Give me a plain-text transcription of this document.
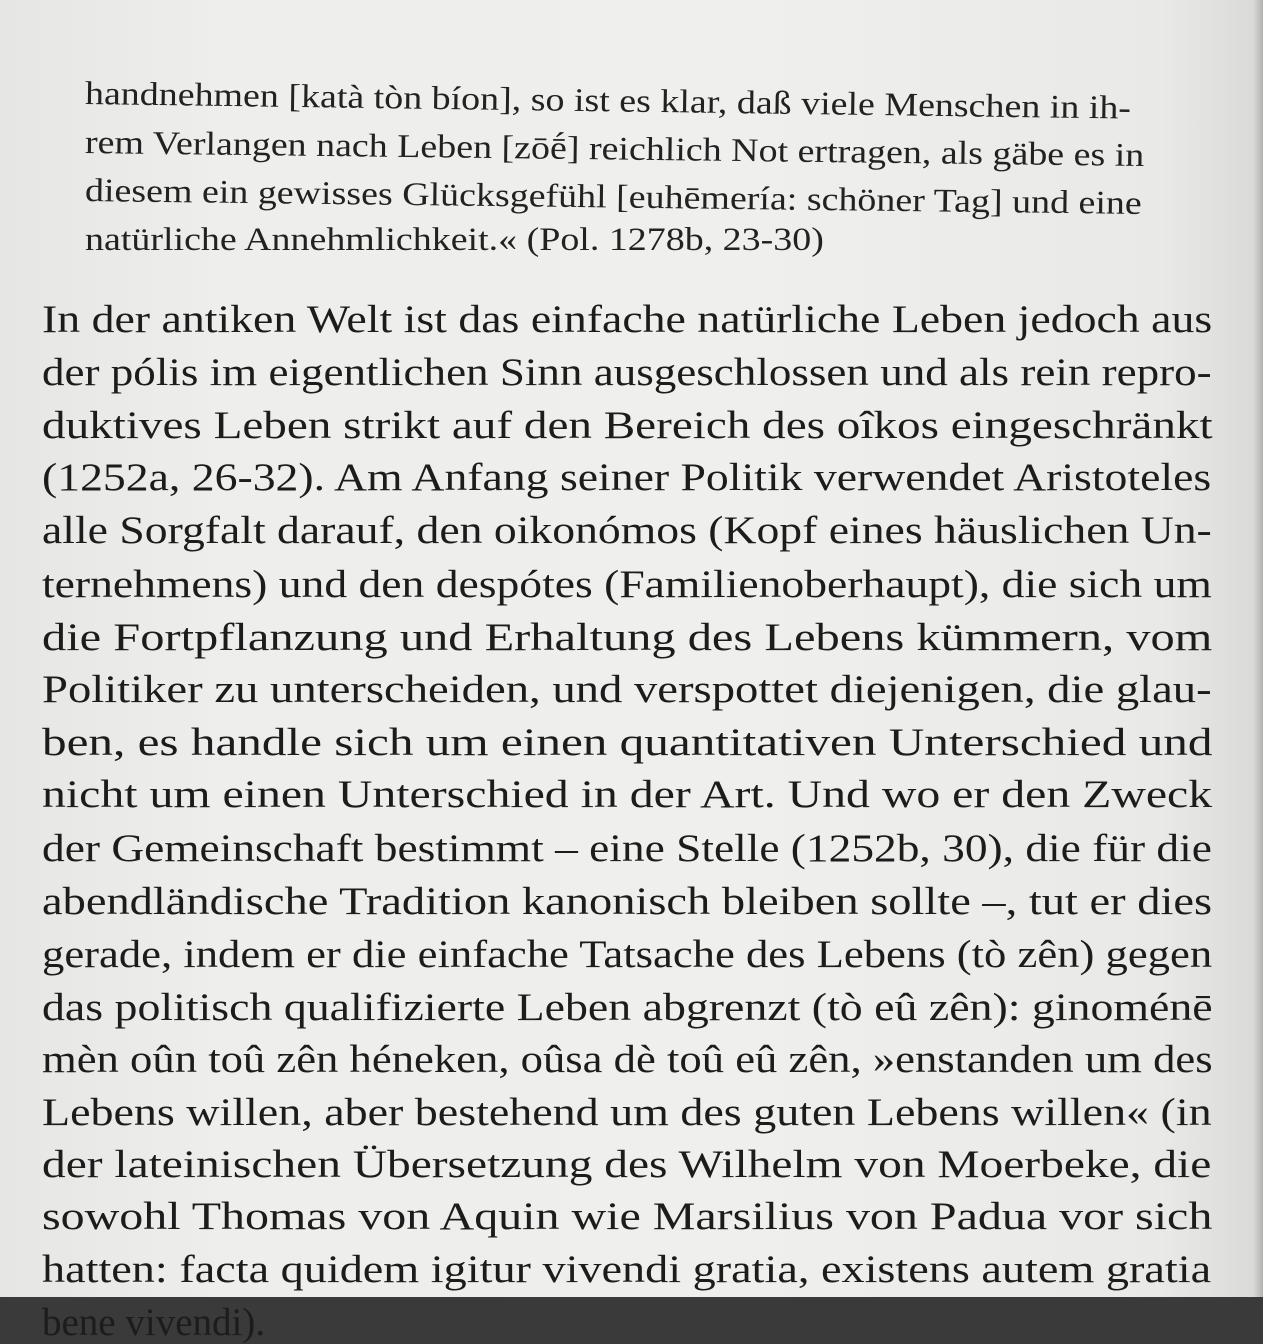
handnehmen [katà tòn bíon], so ist es klar, daß viele Menschen in ih-
rem Verlangen nach Leben [zōḗ] reichlich Not ertragen, als gäbe es in
diesem ein gewisses Glücksgefühl [euhēmería: schöner Tag] und eine
natürliche Annehmlichkeit.« (Pol. 1278b, 23-30)
In der antiken Welt ist das einfache natürliche Leben jedoch aus
der pólis im eigentlichen Sinn ausgeschlossen und als rein repro-
duktives Leben strikt auf den Bereich des oîkos eingeschränkt
(1252a, 26-32). Am Anfang seiner Politik verwendet Aristoteles
alle Sorgfalt darauf, den oikonómos (Kopf eines häuslichen Un-
ternehmens) und den despótes (Familienoberhaupt), die sich um
die Fortpflanzung und Erhaltung des Lebens kümmern, vom
Politiker zu unterscheiden, und verspottet diejenigen, die glau-
ben, es handle sich um einen quantitativen Unterschied und
nicht um einen Unterschied in der Art. Und wo er den Zweck
der Gemeinschaft bestimmt – eine Stelle (1252b, 30), die für die
abendländische Tradition kanonisch bleiben sollte –, tut er dies
gerade, indem er die einfache Tatsache des Lebens (tò zên) gegen
das politisch qualifizierte Leben abgrenzt (tò eû zên): ginoménē
mèn oûn toû zên héneken, oûsa dè toû eû zên, »enstanden um des
Lebens willen, aber bestehend um des guten Lebens willen« (in
der lateinischen Übersetzung des Wilhelm von Moerbeke, die
sowohl Thomas von Aquin wie Marsilius von Padua vor sich
hatten: facta quidem igitur vivendi gratia, existens autem gratia
bene vivendi).
